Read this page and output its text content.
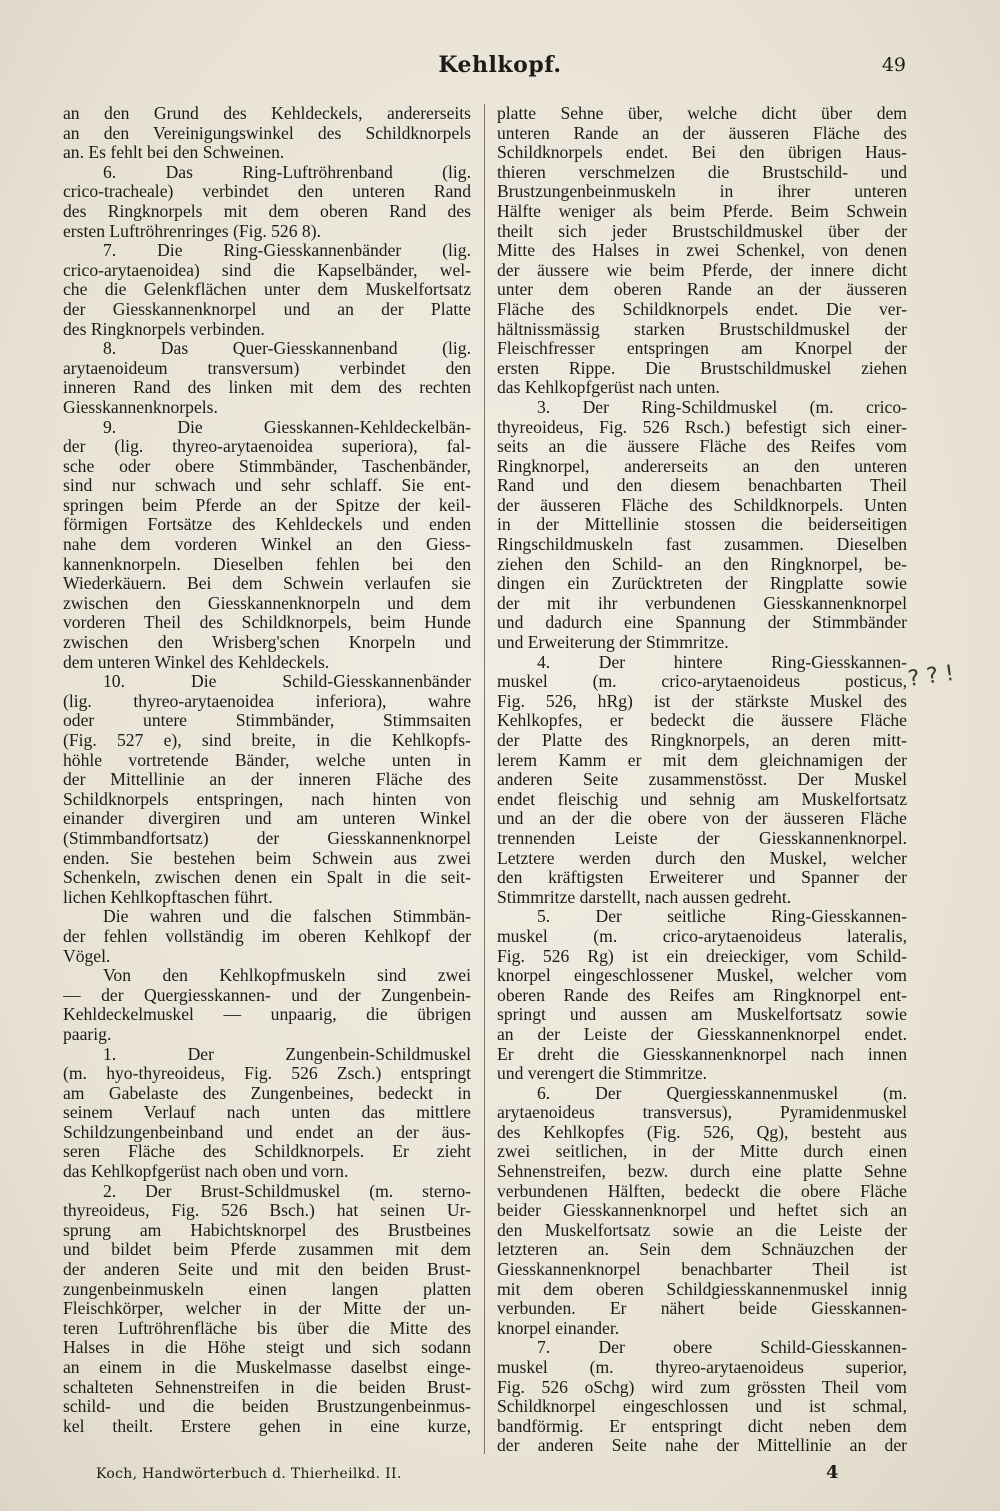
Kehlkopf.	49
an den Grund des Kehldeckels, andererseits
an den Vereinigungswinkel des Schildknorpels
an. Es fehlt bei den Schweinen.
6. Das Ring-Luftröhrenband (lig.
crico-tracheale) verbindet den unteren Rand
des Ringknorpels mit dem oberen Rand des
ersten Luftröhrenringes (Fig. 526 8).
7. Die Ring-Giesskannenbänder (lig.
crico-arytaenoidea) sind die Kapselbänder, wel-
che die Gelenkflächen unter dem Muskelfortsatz
der Giesskannenknorpel und an der Platte
des Ringknorpels verbinden.
8. Das Quer-Giesskannenband (lig.
arytaenoideum transversum) verbindet den
inneren Rand des linken mit dem des rechten
Giesskannenknorpels.
9. Die Giesskannen-Kehldeckelbän-
der (lig. thyreo-arytaenoidea superiora), fal-
sche oder obere Stimmbänder, Taschenbänder,
sind nur schwach und sehr schlaff. Sie ent-
springen beim Pferde an der Spitze der keil-
förmigen Fortsätze des Kehldeckels und enden
nahe dem vorderen Winkel an den Giess-
kannenknorpeln. Dieselben fehlen bei den
Wiederkäuern. Bei dem Schwein verlaufen sie
zwischen den Giesskannenknorpeln und dem
vorderen Theil des Schildknorpels, beim Hunde
zwischen den Wrisberg'schen Knorpeln und
dem unteren Winkel des Kehldeckels.
10. Die Schild-Giesskannenbänder
(lig. thyreo-arytaenoidea inferiora), wahre
oder untere Stimmbänder, Stimmsaiten
(Fig. 527 e), sind breite, in die Kehlkopfs-
höhle vortretende Bänder, welche unten in
der Mittellinie an der inneren Fläche des
Schildknorpels entspringen, nach hinten von
einander divergiren und am unteren Winkel
(Stimmbandfortsatz) der Giesskannenknorpel
enden. Sie bestehen beim Schwein aus zwei
Schenkeln, zwischen denen ein Spalt in die seit-
lichen Kehlkopftaschen führt.
Die wahren und die falschen Stimmbän-
der fehlen vollständig im oberen Kehlkopf der
Vögel.
Von den Kehlkopfmuskeln sind zwei
— der Quergiesskannen- und der Zungenbein-
Kehldeckelmuskel — unpaarig, die übrigen
paarig.
1. Der Zungenbein-Schildmuskel
(m. hyo-thyreoideus, Fig. 526 Zsch.) entspringt
am Gabelaste des Zungenbeines, bedeckt in
seinem Verlauf nach unten das mittlere
Schildzungenbeinband und endet an der äus-
seren Fläche des Schildknorpels. Er zieht
das Kehlkopfgerüst nach oben und vorn.
2. Der Brust-Schildmuskel (m. sterno-
thyreoideus, Fig. 526 Bsch.) hat seinen Ur-
sprung am Habichtsknorpel des Brustbeines
und bildet beim Pferde zusammen mit dem
der anderen Seite und mit den beiden Brust-
zungenbeinmuskeln einen langen platten
Fleischkörper, welcher in der Mitte der un-
teren Luftröhrenfläche bis über die Mitte des
Halses in die Höhe steigt und sich sodann
an einem in die Muskelmasse daselbst einge-
schalteten Sehnenstreifen in die beiden Brust-
schild- und die beiden Brustzungenbeinmus-
kel theilt. Erstere gehen in eine kurze,
platte Sehne über, welche dicht über dem
unteren Rande an der äusseren Fläche des
Schildknorpels endet. Bei den übrigen Haus-
thieren verschmelzen die Brustschild- und
Brustzungenbeinmuskeln in ihrer unteren
Hälfte weniger als beim Pferde. Beim Schwein
theilt sich jeder Brustschildmuskel über der
Mitte des Halses in zwei Schenkel, von denen
der äussere wie beim Pferde, der innere dicht
unter dem oberen Rande an der äusseren
Fläche des Schildknorpels endet. Die ver-
hältnissmässig starken Brustschildmuskel der
Fleischfresser entspringen am Knorpel der
ersten Rippe. Die Brustschildmuskel ziehen
das Kehlkopfgerüst nach unten.
3. Der Ring-Schildmuskel (m. crico-
thyreoideus, Fig. 526 Rsch.) befestigt sich einer-
seits an die äussere Fläche des Reifes vom
Ringknorpel, andererseits an den unteren
Rand und den diesem benachbarten Theil
der äusseren Fläche des Schildknorpels. Unten
in der Mittellinie stossen die beiderseitigen
Ringschildmuskeln fast zusammen. Dieselben
ziehen den Schild- an den Ringknorpel, be-
dingen ein Zurücktreten der Ringplatte sowie
der mit ihr verbundenen Giesskannenknorpel
und dadurch eine Spannung der Stimmbänder
und Erweiterung der Stimmritze.
4. Der hintere Ring-Giesskannen-
muskel (m. crico-arytaenoideus posticus,
Fig. 526, hRg) ist der stärkste Muskel des
Kehlkopfes, er bedeckt die äussere Fläche
der Platte des Ringknorpels, an deren mitt-
lerem Kamm er mit dem gleichnamigen der
anderen Seite zusammenstösst. Der Muskel
endet fleischig und sehnig am Muskelfortsatz
und an der die obere von der äusseren Fläche
trennenden Leiste der Giesskannenknorpel.
Letztere werden durch den Muskel, welcher
den kräftigsten Erweiterer und Spanner der
Stimmritze darstellt, nach aussen gedreht.
5. Der seitliche Ring-Giesskannen-
muskel (m. crico-arytaenoideus lateralis,
Fig. 526 Rg) ist ein dreieckiger, vom Schild-
knorpel eingeschlossener Muskel, welcher vom
oberen Rande des Reifes am Ringknorpel ent-
springt und aussen am Muskelfortsatz sowie
an der Leiste der Giesskannenknorpel endet.
Er dreht die Giesskannenknorpel nach innen
und verengert die Stimmritze.
6. Der Quergiesskannenmuskel (m.
arytaenoideus transversus), Pyramidenmuskel
des Kehlkopfes (Fig. 526, Qg), besteht aus
zwei seitlichen, in der Mitte durch einen
Sehnenstreifen, bezw. durch eine platte Sehne
verbundenen Hälften, bedeckt die obere Fläche
beider Giesskannenknorpel und heftet sich an
den Muskelfortsatz sowie an die Leiste der
letzteren an. Sein dem Schnäuzchen der
Giesskannenknorpel benachbarter Theil ist
mit dem oberen Schildgiesskannenmuskel innig
verbunden. Er nähert beide Giesskannen-
knorpel einander.
7. Der obere Schild-Giesskannen-
muskel (m. thyreo-arytaenoideus superior,
Fig. 526 oSchg) wird zum grössten Theil vom
Schildknorpel eingeschlossen und ist schmal,
bandförmig. Er entspringt dicht neben dem
der anderen Seite nahe der Mittellinie an der
? ? !
Koch, Handwörterbuch d. Thierheilkd. II.	4
